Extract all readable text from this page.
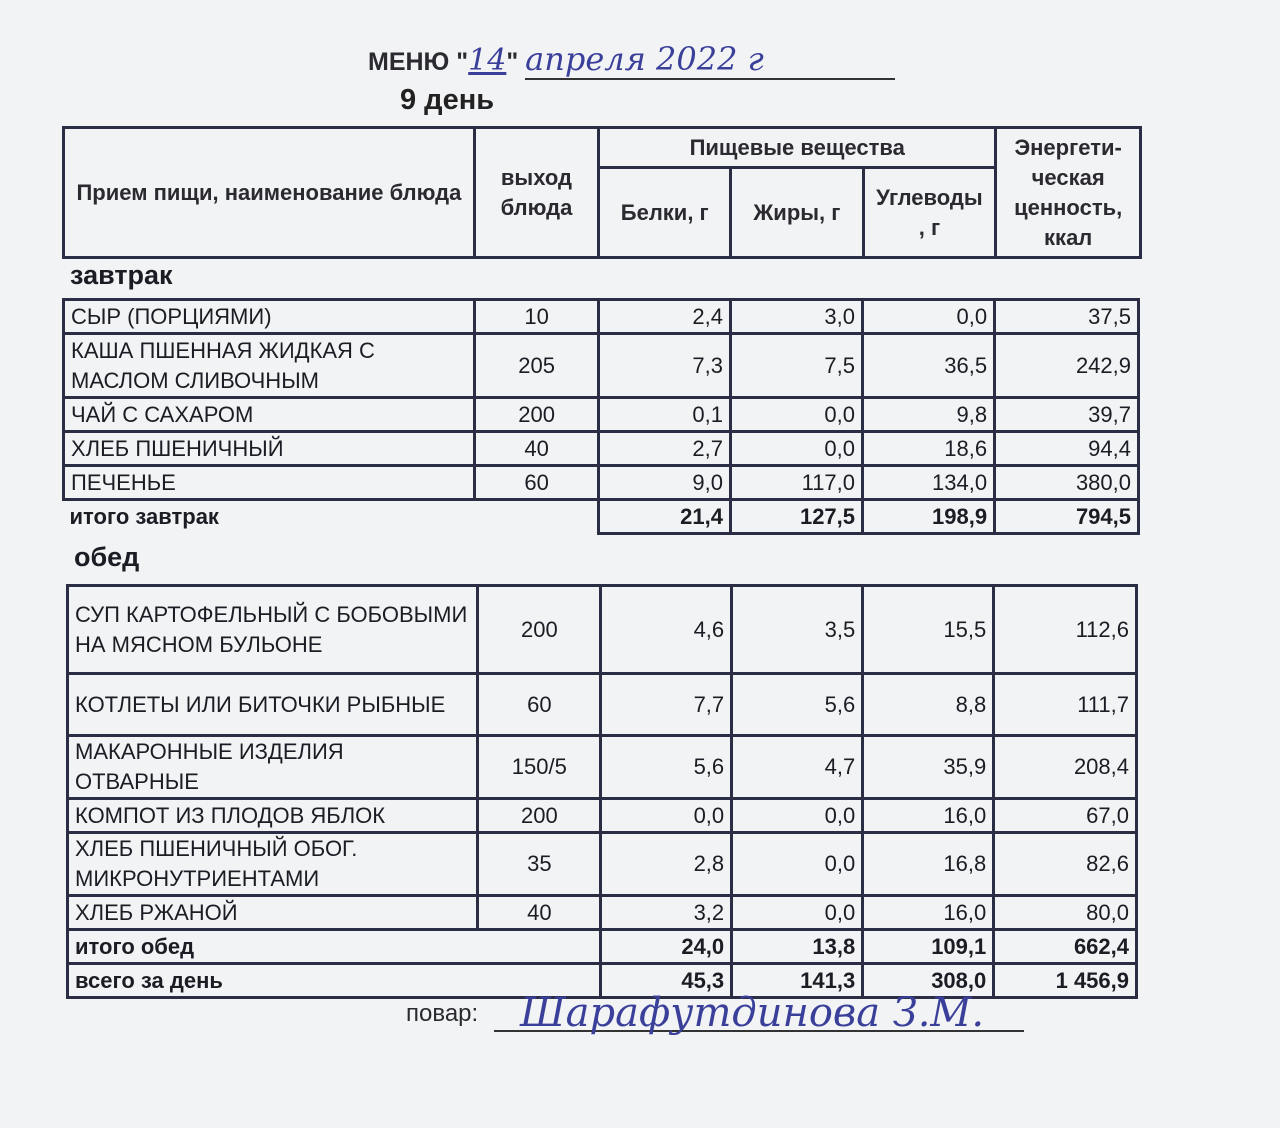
МЕНЮ "14" апреля 2022 г
9 день
Прием пищи, наименование блюда	выход блюда	Пищевые вещества			Энергети- ческая ценность, ккал
		Белки, г	Жиры, г	Углеводы , г	
завтрак
СЫР (ПОРЦИЯМИ)	10	2,4	3,0	0,0	37,5
КАША ПШЕННАЯ ЖИДКАЯ С МАСЛОМ СЛИВОЧНЫМ	205	7,3	7,5	36,5	242,9
ЧАЙ С САХАРОМ	200	0,1	0,0	9,8	39,7
ХЛЕБ ПШЕНИЧНЫЙ	40	2,7	0,0	18,6	94,4
ПЕЧЕНЬЕ	60	9,0	117,0	134,0	380,0
итого завтрак		21,4	127,5	198,9	794,5
обед
СУП КАРТОФЕЛЬНЫЙ С БОБОВЫМИ НА МЯСНОМ БУЛЬОНЕ	200	4,6	3,5	15,5	112,6
КОТЛЕТЫ ИЛИ БИТОЧКИ РЫБНЫЕ	60	7,7	5,6	8,8	111,7
МАКАРОННЫЕ ИЗДЕЛИЯ ОТВАРНЫЕ	150/5	5,6	4,7	35,9	208,4
КОМПОТ ИЗ ПЛОДОВ ЯБЛОК	200	0,0	0,0	16,0	67,0
ХЛЕБ ПШЕНИЧНЫЙ ОБОГ. МИКРОНУТРИЕНТАМИ	35	2,8	0,0	16,8	82,6
ХЛЕБ РЖАНОЙ	40	3,2	0,0	16,0	80,0
итого обед		24,0	13,8	109,1	662,4
всего за день		45,3	141,3	308,0	1 456,9
повар: Шарафутдинова З.М.
